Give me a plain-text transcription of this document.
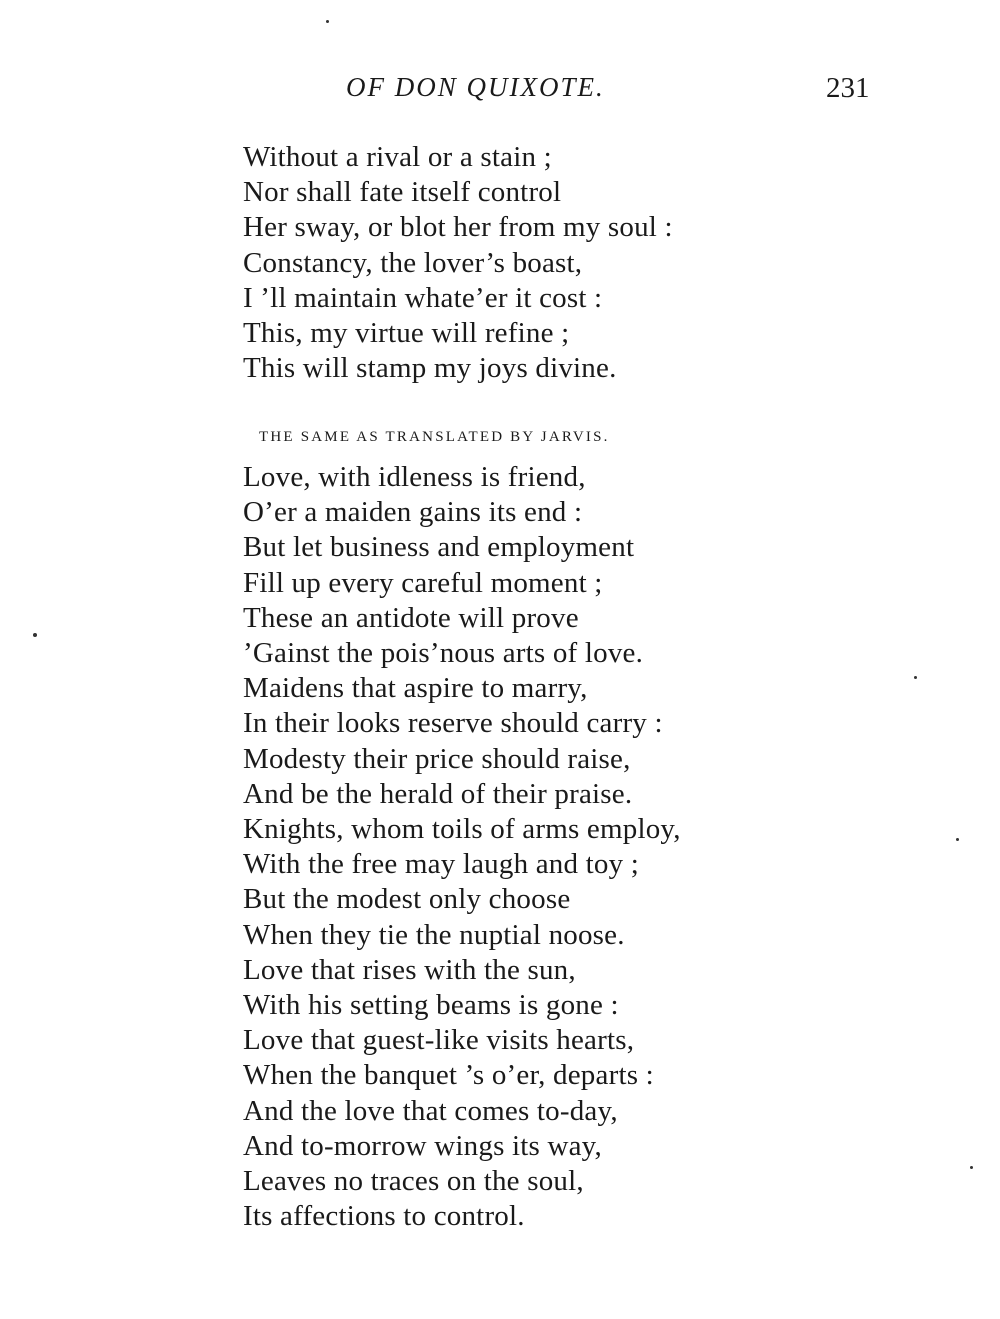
OF DON QUIXOTE.	231
Without a rival or a stain ;
Nor shall fate itself control
Her sway, or blot her from my soul :
Constancy, the lover’s boast,
I ’ll maintain whate’er it cost :
This, my virtue will refine ;
This will stamp my joys divine.
THE SAME AS TRANSLATED BY JARVIS.
Love, with idleness is friend,
O’er a maiden gains its end :
But let business and employment
Fill up every careful moment ;
These an antidote will prove
’Gainst the pois’nous arts of love.
Maidens that aspire to marry,
In their looks reserve should carry :
Modesty their price should raise,
And be the herald of their praise.
Knights, whom toils of arms employ,
With the free may laugh and toy ;
But the modest only choose
When they tie the nuptial noose.
Love that rises with the sun,
With his setting beams is gone :
Love that guest-like visits hearts,
When the banquet ’s o’er, departs :
And the love that comes to-day,
And to-morrow wings its way,
Leaves no traces on the soul,
Its affections to control.
